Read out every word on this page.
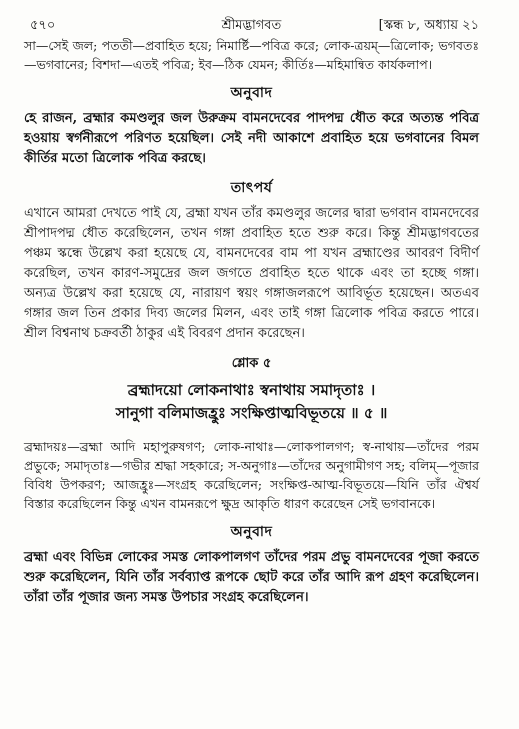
৫৭০	শ্রীমদ্ভাগবত	[স্কন্ধ ৮, অধ্যায় ২১

সা—সেই জল; পততী—প্রবাহিত হয়ে; নিমার্ষ্টি—পবিত্র করে; লোক-ত্রয়ম্—ত্রিলোক; ভগবতঃ—ভগবানের; বিশদা—এতই পবিত্র; ইব—ঠিক যেমন; কীর্তিঃ—মহিমান্বিত কার্যকলাপ।

অনুবাদ

হে রাজন, ব্রহ্মার কমণ্ডলুর জল উরুক্রম বামনদেবের পাদপদ্ম ধৌত করে অত্যন্ত পবিত্র হওয়ায় স্বর্গনীরূপে পরিণত হয়েছিল। সেই নদী আকাশে প্রবাহিত হয়ে ভগবানের বিমল কীর্তির মতো ত্রিলোক পবিত্র করছে।

তাৎপর্য

এখানে আমরা দেখতে পাই যে, ব্রহ্মা যখন তাঁর কমণ্ডলুর জলের দ্বারা ভগবান বামনদেবের শ্রীপাদপদ্ম ধৌত করেছিলেন, তখন গঙ্গা প্রবাহিত হতে শুরু করে। কিন্তু শ্রীমদ্ভাগবতের পঞ্চম স্কন্ধে উল্লেখ করা হয়েছে যে, বামনদেবের বাম পা যখন ব্রহ্মাণ্ডের আবরণ বিদীর্ণ করেছিল, তখন কারণ-সমুদ্রের জল জগতে প্রবাহিত হতে থাকে এবং তা হচ্ছে গঙ্গা। অন্যত্র উল্লেখ করা হয়েছে যে, নারায়ণ স্বয়ং গঙ্গাজলরূপে আবির্ভূত হয়েছেন। অতএব গঙ্গার জল তিন প্রকার দিব্য জলের মিলন, এবং তাই গঙ্গা ত্রিলোক পবিত্র করতে পারে। শ্রীল বিশ্বনাথ চক্রবর্তী ঠাকুর এই বিবরণ প্রদান করেছেন।

শ্লোক ৫
ব্রহ্মাদয়ো লোকনাথাঃ স্বনাথায় সমাদৃতাঃ ।
সানুগা বলিমাজহ্রুঃ সংক্ষিপ্তাত্মবিভূতয়ে ॥ ৫ ॥

ব্রহ্মাদয়ঃ—ব্রহ্মা আদি মহাপুরুষগণ; লোক-নাথাঃ—লোকপালগণ; স্ব-নাথায়—তাঁদের পরম প্রভুকে; সমাদৃতাঃ—গভীর শ্রদ্ধা সহকারে; স-অনুগাঃ—তাঁদের অনুগামীগণ সহ; বলিম্—পূজার বিবিধ উপকরণ; আজহ্রুঃ—সংগ্রহ করেছিলেন; সংক্ষিপ্ত-আত্ম-বিভূতয়ে—যিনি তাঁর ঐশ্বর্য বিস্তার করেছিলেন কিন্তু এখন বামনরূপে ক্ষুদ্র আকৃতি ধারণ করেছেন সেই ভগবানকে।

অনুবাদ

ব্রহ্মা এবং বিভিন্ন লোকের সমস্ত লোকপালগণ তাঁদের পরম প্রভু বামনদেবের পূজা করতে শুরু করেছিলেন, যিনি তাঁর সর্বব্যাপ্ত রূপকে ছোট করে তাঁর আদি রূপ গ্রহণ করেছিলেন। তাঁরা তাঁর পূজার জন্য সমস্ত উপচার সংগ্রহ করেছিলেন।
